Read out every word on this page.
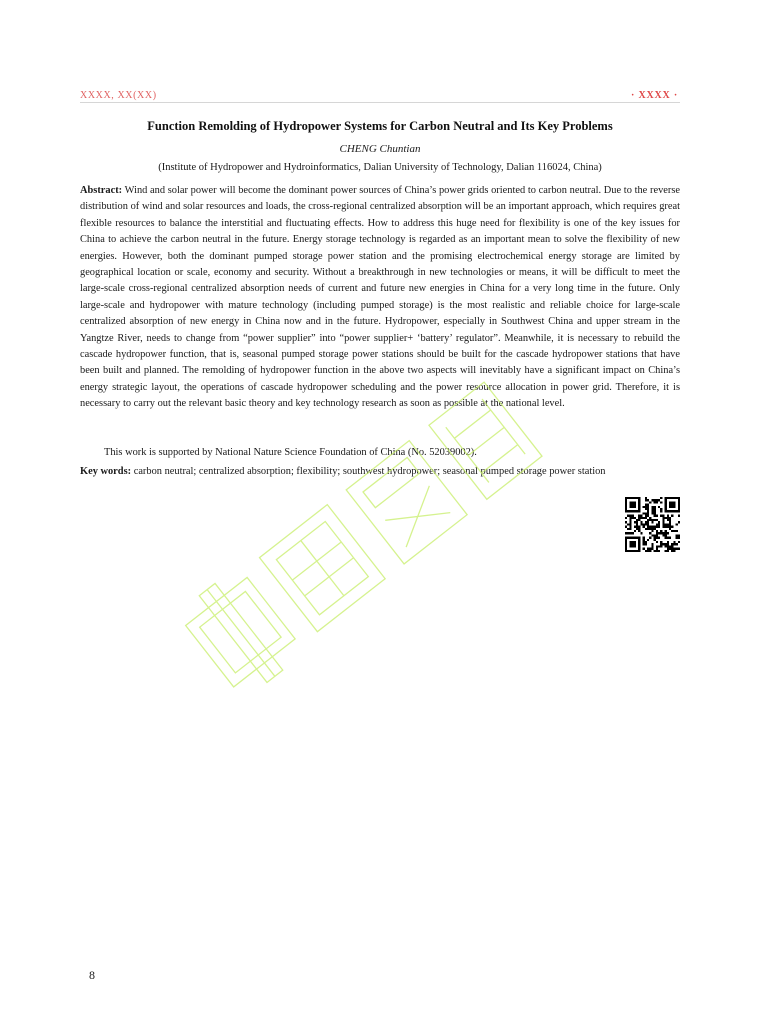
XXXX, XX(XX)	· XXXX ·
Function Remolding of Hydropower Systems for Carbon Neutral and Its Key Problems
CHENG Chuntian
(Institute of Hydropower and Hydroinformatics, Dalian University of Technology, Dalian 116024, China)

Abstract: Wind and solar power will become the dominant power sources of China’s power grids oriented to carbon neutral. Due to the reverse distribution of wind and solar resources and loads, the cross-regional centralized absorption will be an important approach, which requires great flexible resources to balance the interstitial and fluctuating effects. How to address this huge need for flexibility is one of the key issues for China to achieve the carbon neutral in the future. Energy storage technology is regarded as an important mean to solve the flexibility of new energies. However, both the dominant pumped storage power station and the promising electrochemical energy storage are limited by geographical location or scale, economy and security. Without a breakthrough in new technologies or means, it will be difficult to meet the large-scale cross-regional centralized absorption needs of current and future new energies in China for a very long time in the future. Only large-scale and hydropower with mature technology (including pumped storage) is the most realistic and reliable choice for large-scale centralized absorption of new energy in China now and in the future. Hydropower, especially in Southwest China and upper stream in the Yangtze River, needs to change from “power supplier” into “power supplier+ ‘battery’ regulator”. Meanwhile, it is necessary to rebuild the cascade hydropower function, that is, seasonal pumped storage power stations should be built for the cascade hydropower stations that have been built and planned. The remolding of hydropower function in the above two aspects will inevitably have a significant impact on China’s energy strategic layout, the operations of cascade hydropower scheduling and the power resource allocation in power grid. Therefore, it is necessary to carry out the relevant basic theory and key technology research as soon as possible at the national level.

This work is supported by National Nature Science Foundation of China (No. 52039002).

Key words: carbon neutral; centralized absorption; flexibility; southwest hydropower; seasonal pumped storage power station

8
